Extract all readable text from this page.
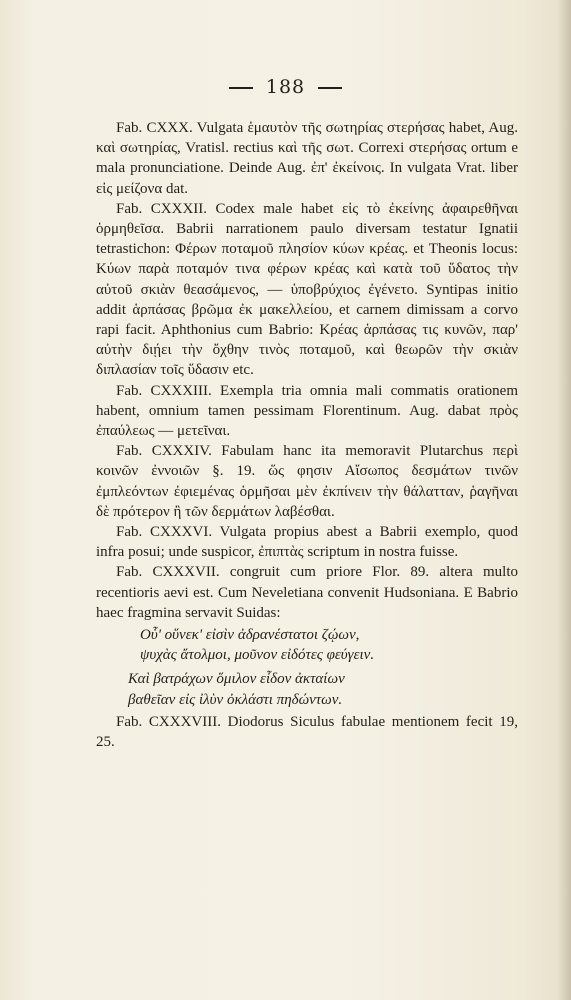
188

Fab. CXXX. Vulgata ἑμαυτὸν τῆς σωτηρίας στερήσας habet, Aug. καὶ σωτηρίας, Vratisl. rectius καὶ τῆς σωτ. Correxi στερήσας ortum e mala pronunciatione. Deinde Aug. ἐπ' ἐκείνοις. In vulgata Vrat. liber εἰς μείζονα dat.

Fab. CXXXII. Codex male habet εἰς τὸ ἐκείνης ἀφαιρεθῆναι ὁρμηθεῖσα. Babrii narrationem paulo diversam testatur Ignatii tetrastichon: Φέρων ποταμοῦ πλησίον κύων κρέας. et Theonis locus: Κύων παρὰ ποταμόν τινα φέρων κρέας καὶ κατὰ τοῦ ὕδατος τὴν αὐτοῦ σκιὰν θεασάμενος, — ὑποβρύχιος ἐγένετο. Syntipas initio addit ἁρπάσας βρῶμα ἐκ μακελλείου, et carnem dimissam a corvo rapi facit. Aphthonius cum Babrio: Κρέας ἁρπάσας τις κυνῶν, παρ' αὐτὴν διῄει τὴν ὄχθην τινὸς ποταμοῦ, καὶ θεωρῶν τὴν σκιὰν διπλασίαν τοῖς ὕδασιν etc.

Fab. CXXXIII. Exempla tria omnia mali commatis orationem habent, omnium tamen pessimam Florentinum. Aug. dabat πρὸς ἐπαύλεως — μετεῖναι.

Fab. CXXXIV. Fabulam hanc ita memoravit Plutarchus περὶ κοινῶν ἐννοιῶν §. 19. ὥς φησιν Αἴσωπος δεσμάτων τινῶν ἐμπλεόντων ἐφιεμένας ὁρμῆσαι μὲν ἐκπίνειν τὴν θάλατταν, ῥαγῆναι δὲ πρότερον ἢ τῶν δερμάτων λαβέσθαι.

Fab. CXXXVI. Vulgata propius abest a Babrii exemplo, quod infra posui; unde suspicor, ἐπιπτὰς scriptum in nostra fuisse.

Fab. CXXXVII. congruit cum priore Flor. 89. altera multo recentioris aevi est. Cum Neveletiana convenit Hudsoniana. E Babrio haec fragmina servavit Suidas:

Οὗ' οὕνεκ' εἰσὶν ἀδρανέστατοι ζῴων,
ψυχὰς ἄτολμοι, μοῦνον εἰδότες φεύγειν.
Καὶ βατράχων ὅμιλον εἶδον ἀκταίων
βαθεῖαν εἰς ἰλὺν ὀκλάστι πηδώντων.

Fab. CXXXVIII. Diodorus Siculus fabulae mentionem fecit 19, 25.
